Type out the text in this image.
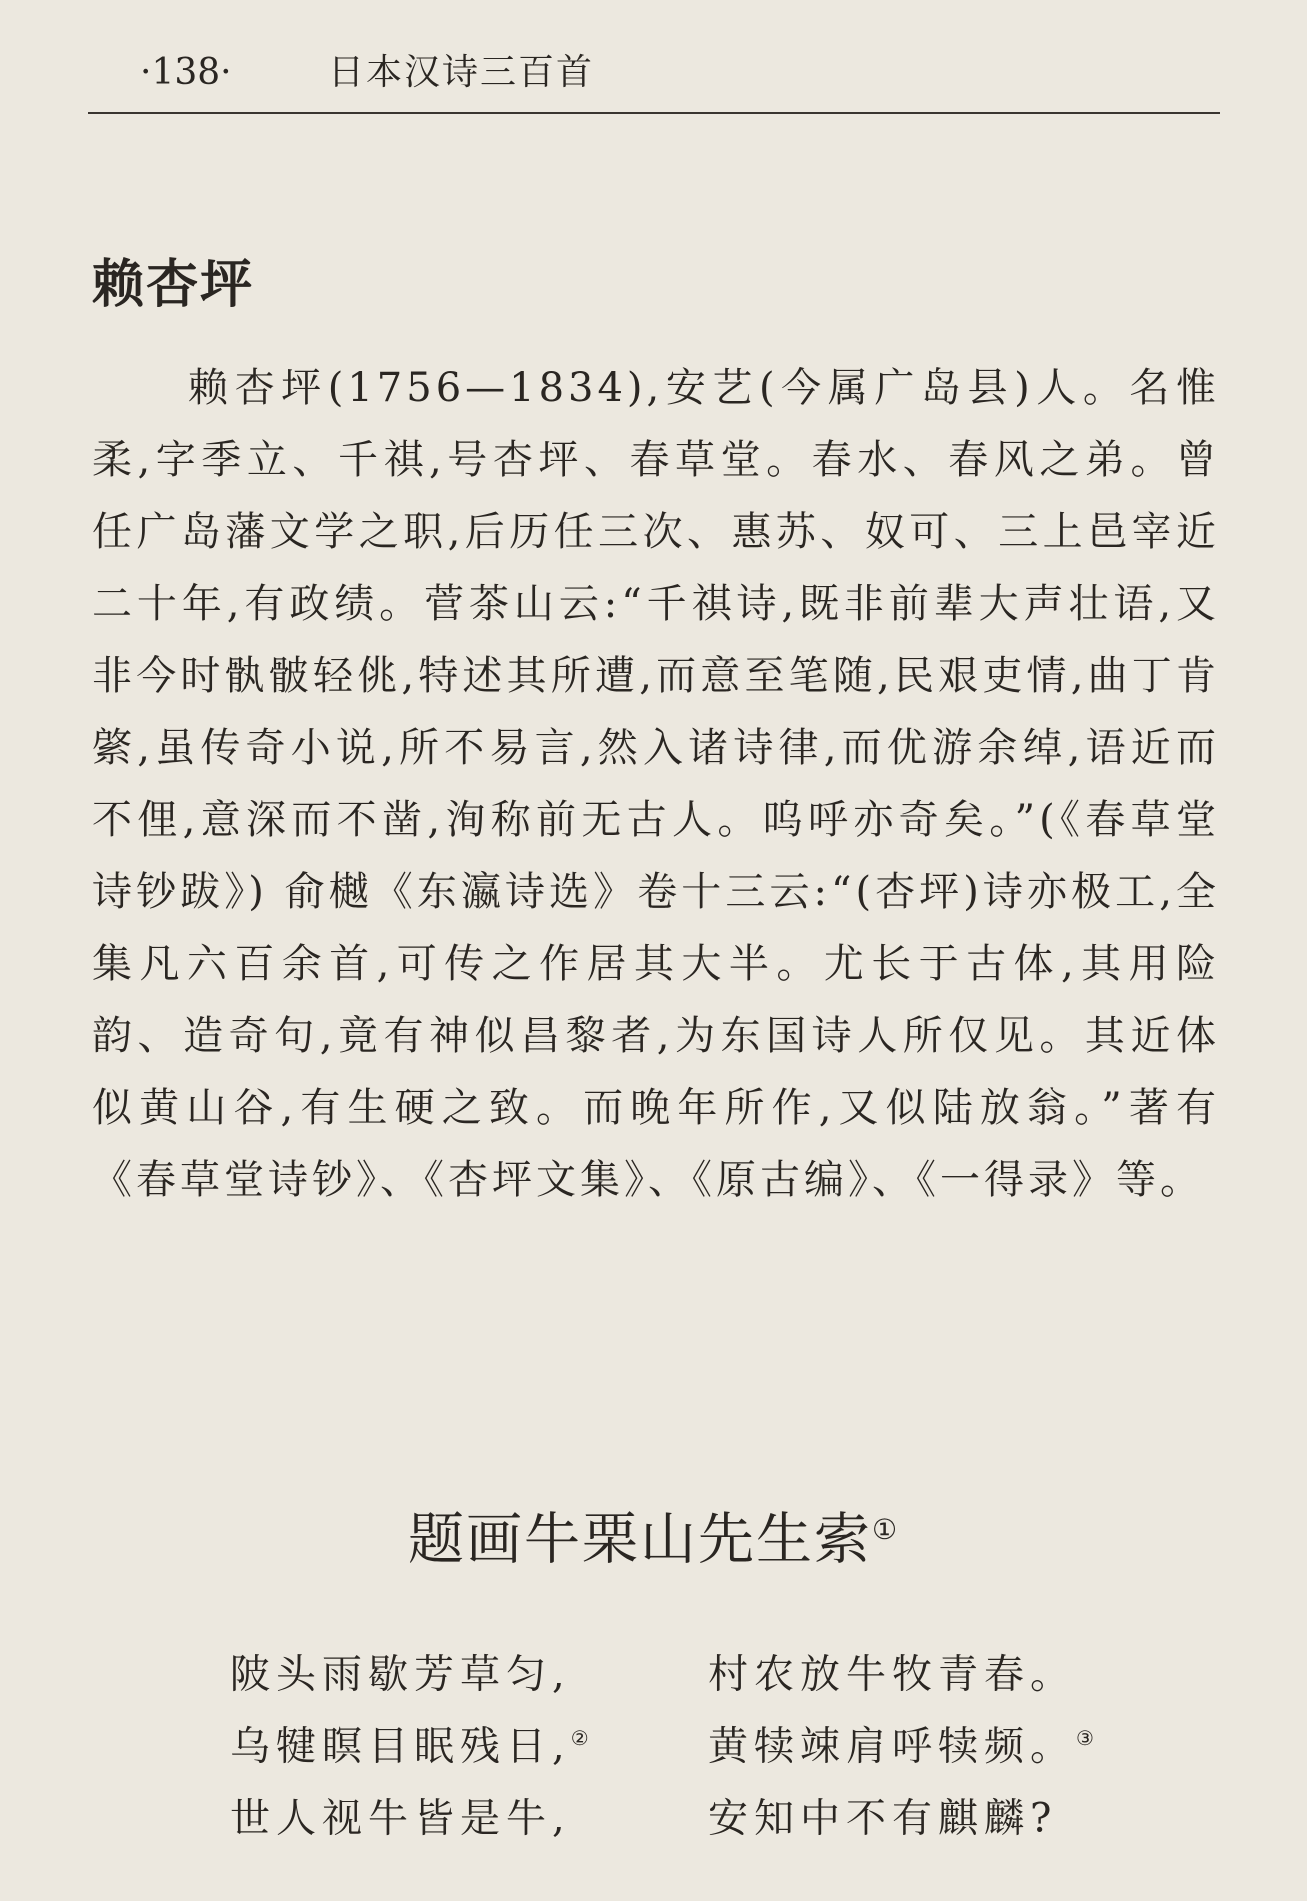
·138·	日本汉诗三百首
赖杏坪

赖杏坪(1756—1834),安艺(今属广岛县)人。名惟柔,字季立、千祺,号杏坪、春草堂。春水、春风之弟。曾任广岛藩文学之职,后历任三次、惠苏、奴可、三上邑宰近二十年,有政绩。菅茶山云:“千祺诗,既非前辈大声壮语,又非今时骫骳轻佻,特述其所遭,而意至笔随,民艰吏情,曲丁肯綮,虽传奇小说,所不易言,然入诸诗律,而优游余绰,语近而不俚,意深而不凿,洵称前无古人。呜呼亦奇矣。”(《春草堂诗钞跋》) 俞樾《东瀛诗选》卷十三云:“(杏坪)诗亦极工,全集凡六百余首,可传之作居其大半。尤长于古体,其用险韵、造奇句,竟有神似昌黎者,为东国诗人所仅见。其近体似黄山谷,有生硬之致。而晚年所作,又似陆放翁。”著有《春草堂诗钞》、《杏坪文集》、《原古编》、《一得录》等。

题画牛栗山先生索①
陂头雨歇芳草匀,	村农放牛牧青春。
乌犍瞑目眠残日,②	黄犊竦肩呼犊频。③
世人视牛皆是牛,	安知中不有麒麟?
